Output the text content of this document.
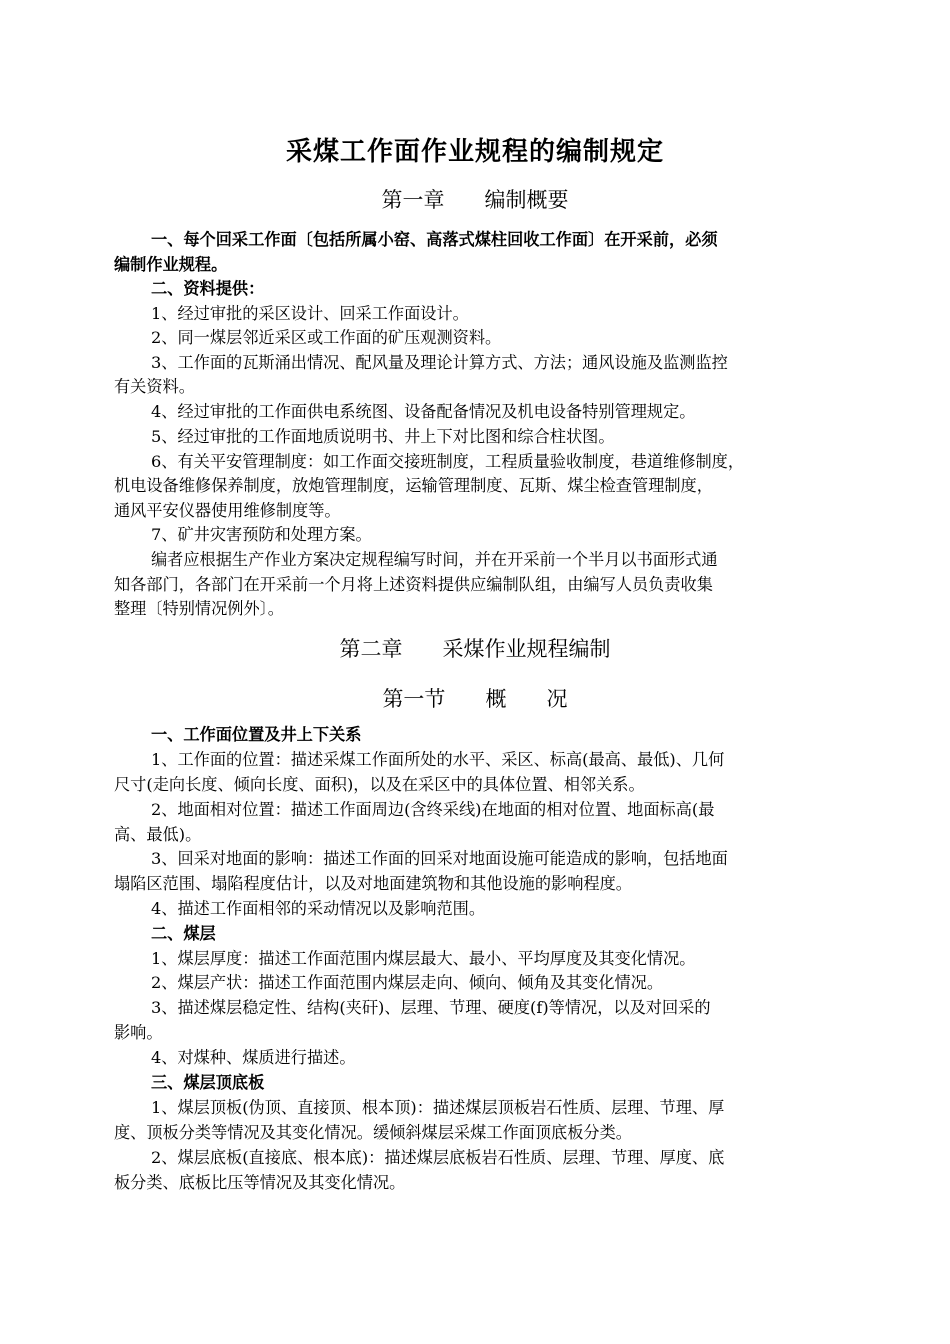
采煤工作面作业规程的编制规定
第一章      编制概要
一、每个回采工作面〔包括所属小窑、高落式煤柱回收工作面〕在开采前，必须
编制作业规程。
二、资料提供：
1、经过审批的采区设计、回采工作面设计。
2、同一煤层邻近采区或工作面的矿压观测资料。
3、工作面的瓦斯涌出情况、配风量及理论计算方式、方法；通风设施及监测监控
有关资料。
4、经过审批的工作面供电系统图、设备配备情况及机电设备特别管理规定。
5、经过审批的工作面地质说明书、井上下对比图和综合柱状图。
6、有关平安管理制度：如工作面交接班制度，工程质量验收制度，巷道维修制度，
机电设备维修保养制度，放炮管理制度，运输管理制度、瓦斯、煤尘检查管理制度，
通风平安仪器使用维修制度等。
7、矿井灾害预防和处理方案。
编者应根据生产作业方案决定规程编写时间，并在开采前一个半月以书面形式通
知各部门，各部门在开采前一个月将上述资料提供应编制队组，由编写人员负责收集
整理〔特别情况例外〕。
第二章      采煤作业规程编制
第一节      概      况
一、工作面位置及井上下关系
1、工作面的位置：描述采煤工作面所处的水平、采区、标高(最高、最低)、几何
尺寸(走向长度、倾向长度、面积)，以及在采区中的具体位置、相邻关系。
2、地面相对位置：描述工作面周边(含终采线)在地面的相对位置、地面标高(最
高、最低)。
3、回采对地面的影响：描述工作面的回采对地面设施可能造成的影响，包括地面
塌陷区范围、塌陷程度估计，以及对地面建筑物和其他设施的影响程度。
4、描述工作面相邻的采动情况以及影响范围。
二、煤层
1、煤层厚度：描述工作面范围内煤层最大、最小、平均厚度及其变化情况。
2、煤层产状：描述工作面范围内煤层走向、倾向、倾角及其变化情况。
3、描述煤层稳定性、结构(夹矸)、层理、节理、硬度(f)等情况，以及对回采的
影响。
4、对煤种、煤质进行描述。
三、煤层顶底板
1、煤层顶板(伪顶、直接顶、根本顶)：描述煤层顶板岩石性质、层理、节理、厚
度、顶板分类等情况及其变化情况。缓倾斜煤层采煤工作面顶底板分类。
2、煤层底板(直接底、根本底)：描述煤层底板岩石性质、层理、节理、厚度、底
板分类、底板比压等情况及其变化情况。
